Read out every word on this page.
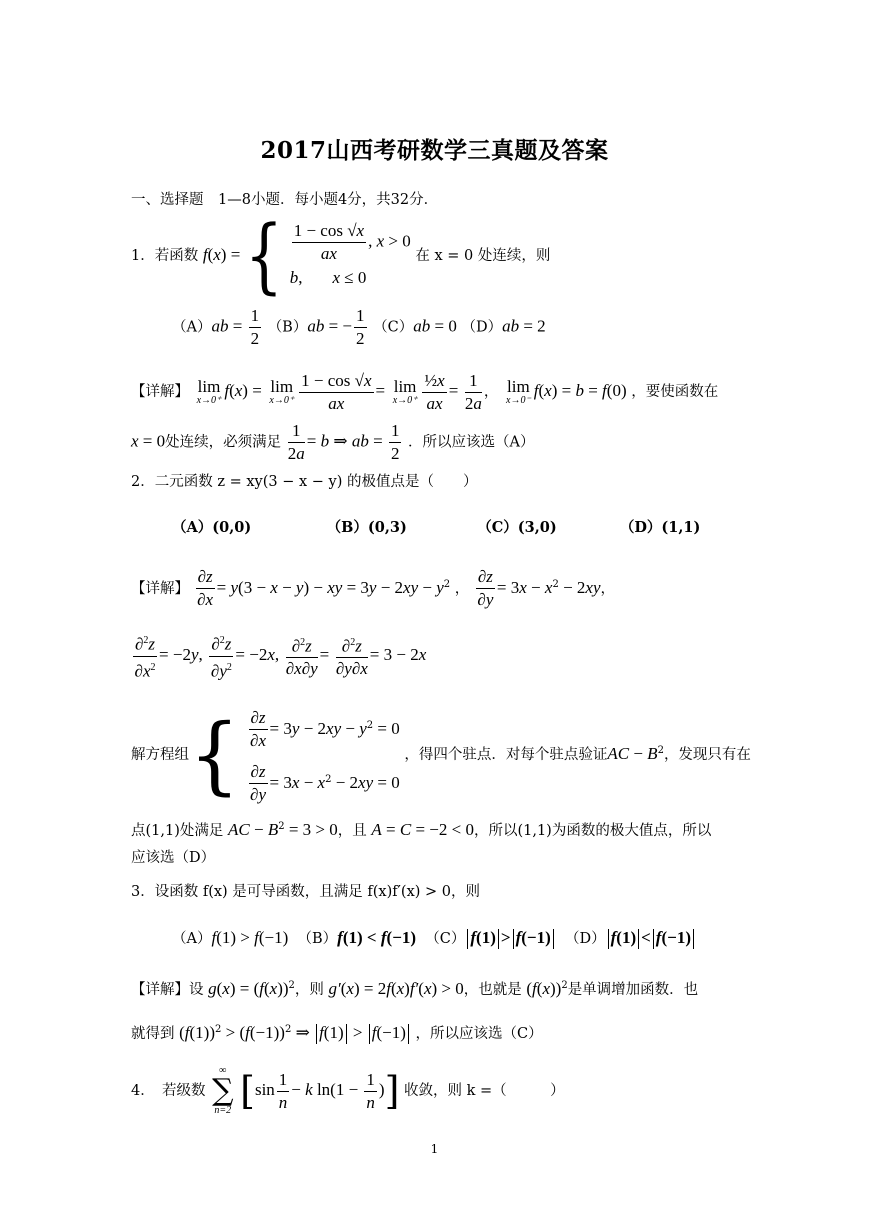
2017山西考研数学三真题及答案
一、选择题　1—8小题．每小题4分，共32分．
1．若函数 f(x) = { $\frac{1 - \cos √x}{ax}$ , x > 0
b, x ≤ 0
在 x = 0 处连续，则
$(A)ab = \frac{1}{2} (B)ab$ = − $\frac{1}{2} (C)ab = 0$ （D）ab = 2
【详解】 lim
x→0⁺
f(x) = lim
$x\to 0^+ \frac{1 - \cos √x}{ax} = \lim$
$x\to 0^+ \frac{\text{½x}}{ax} = \frac{1}{2a}$ ， lim
x→0⁻
f(x) = b = f(0) ，要使函数在
x = 0处连续，必须满足 $\frac{1}{2a} = b$ ⇒ ab = $\frac{1}{2}$ ．所以应该选（A）
2．二元函数 z = xy(3 − x − y) 的极值点是（　　）
（A）(0,0)	（B）(0,3)	（C）(3,0)	（D）(1,1)
【详解】 $\frac{\partial z}{\partial x} = y(3 - x - y)$ − xy = $3y - 2xy - y^2$ ， $\frac{\partial z}{\partial y} = 3x - x^2 - 2xy$，
$\frac{\partial^2z}{\partial x^2} = -2y$, $\frac{\partial^2z}{\partial y^2} = -2x$, $\frac{\partial^2z}{\partial x\partial y} = \frac{\partial^2z}{\partial y\partial x} = 3 - 2x$
解方程组{ $\frac{\partial z}{\partial x} = 3y - 2xy - y^2 = 0$
$\frac{\partial z}{\partial y} = 3x - x^2 - 2xy = 0$
，得四个驻点．对每个驻点验证AC − $B^2$，发现只有在
点(1,1)处满足 AC − $B^2 = 3 > 0$，且 A = C = −2 < 0，所以(1,1)为函数的极大值点，所以
应该选（D）
3．设函数 f(x) 是可导函数，且满足 f(x)f′(x) > 0，则
（A）f(1) > f(−1) （B）f(1) < f(−1) （C） f(1) > f(−1) （D） f(1) < f(−1)
【详解】设 $g(x) = (f(x))^2$，则 g′(x) = 2f(x)f′(x) > 0，也就是 $(f(x))^2$是单调增加函数．也
就得到 $(f(1))^2 > (f(-1))^2$ ⇒ f(1) > f(−1) ，所以应该选（C）
4．　若级数
∞
∑
n=2 [$\sin \frac{1}{n} - k$ $\ln(1 - \frac{1}{n}$ )] 收敛，则 k =（　　　）
1
